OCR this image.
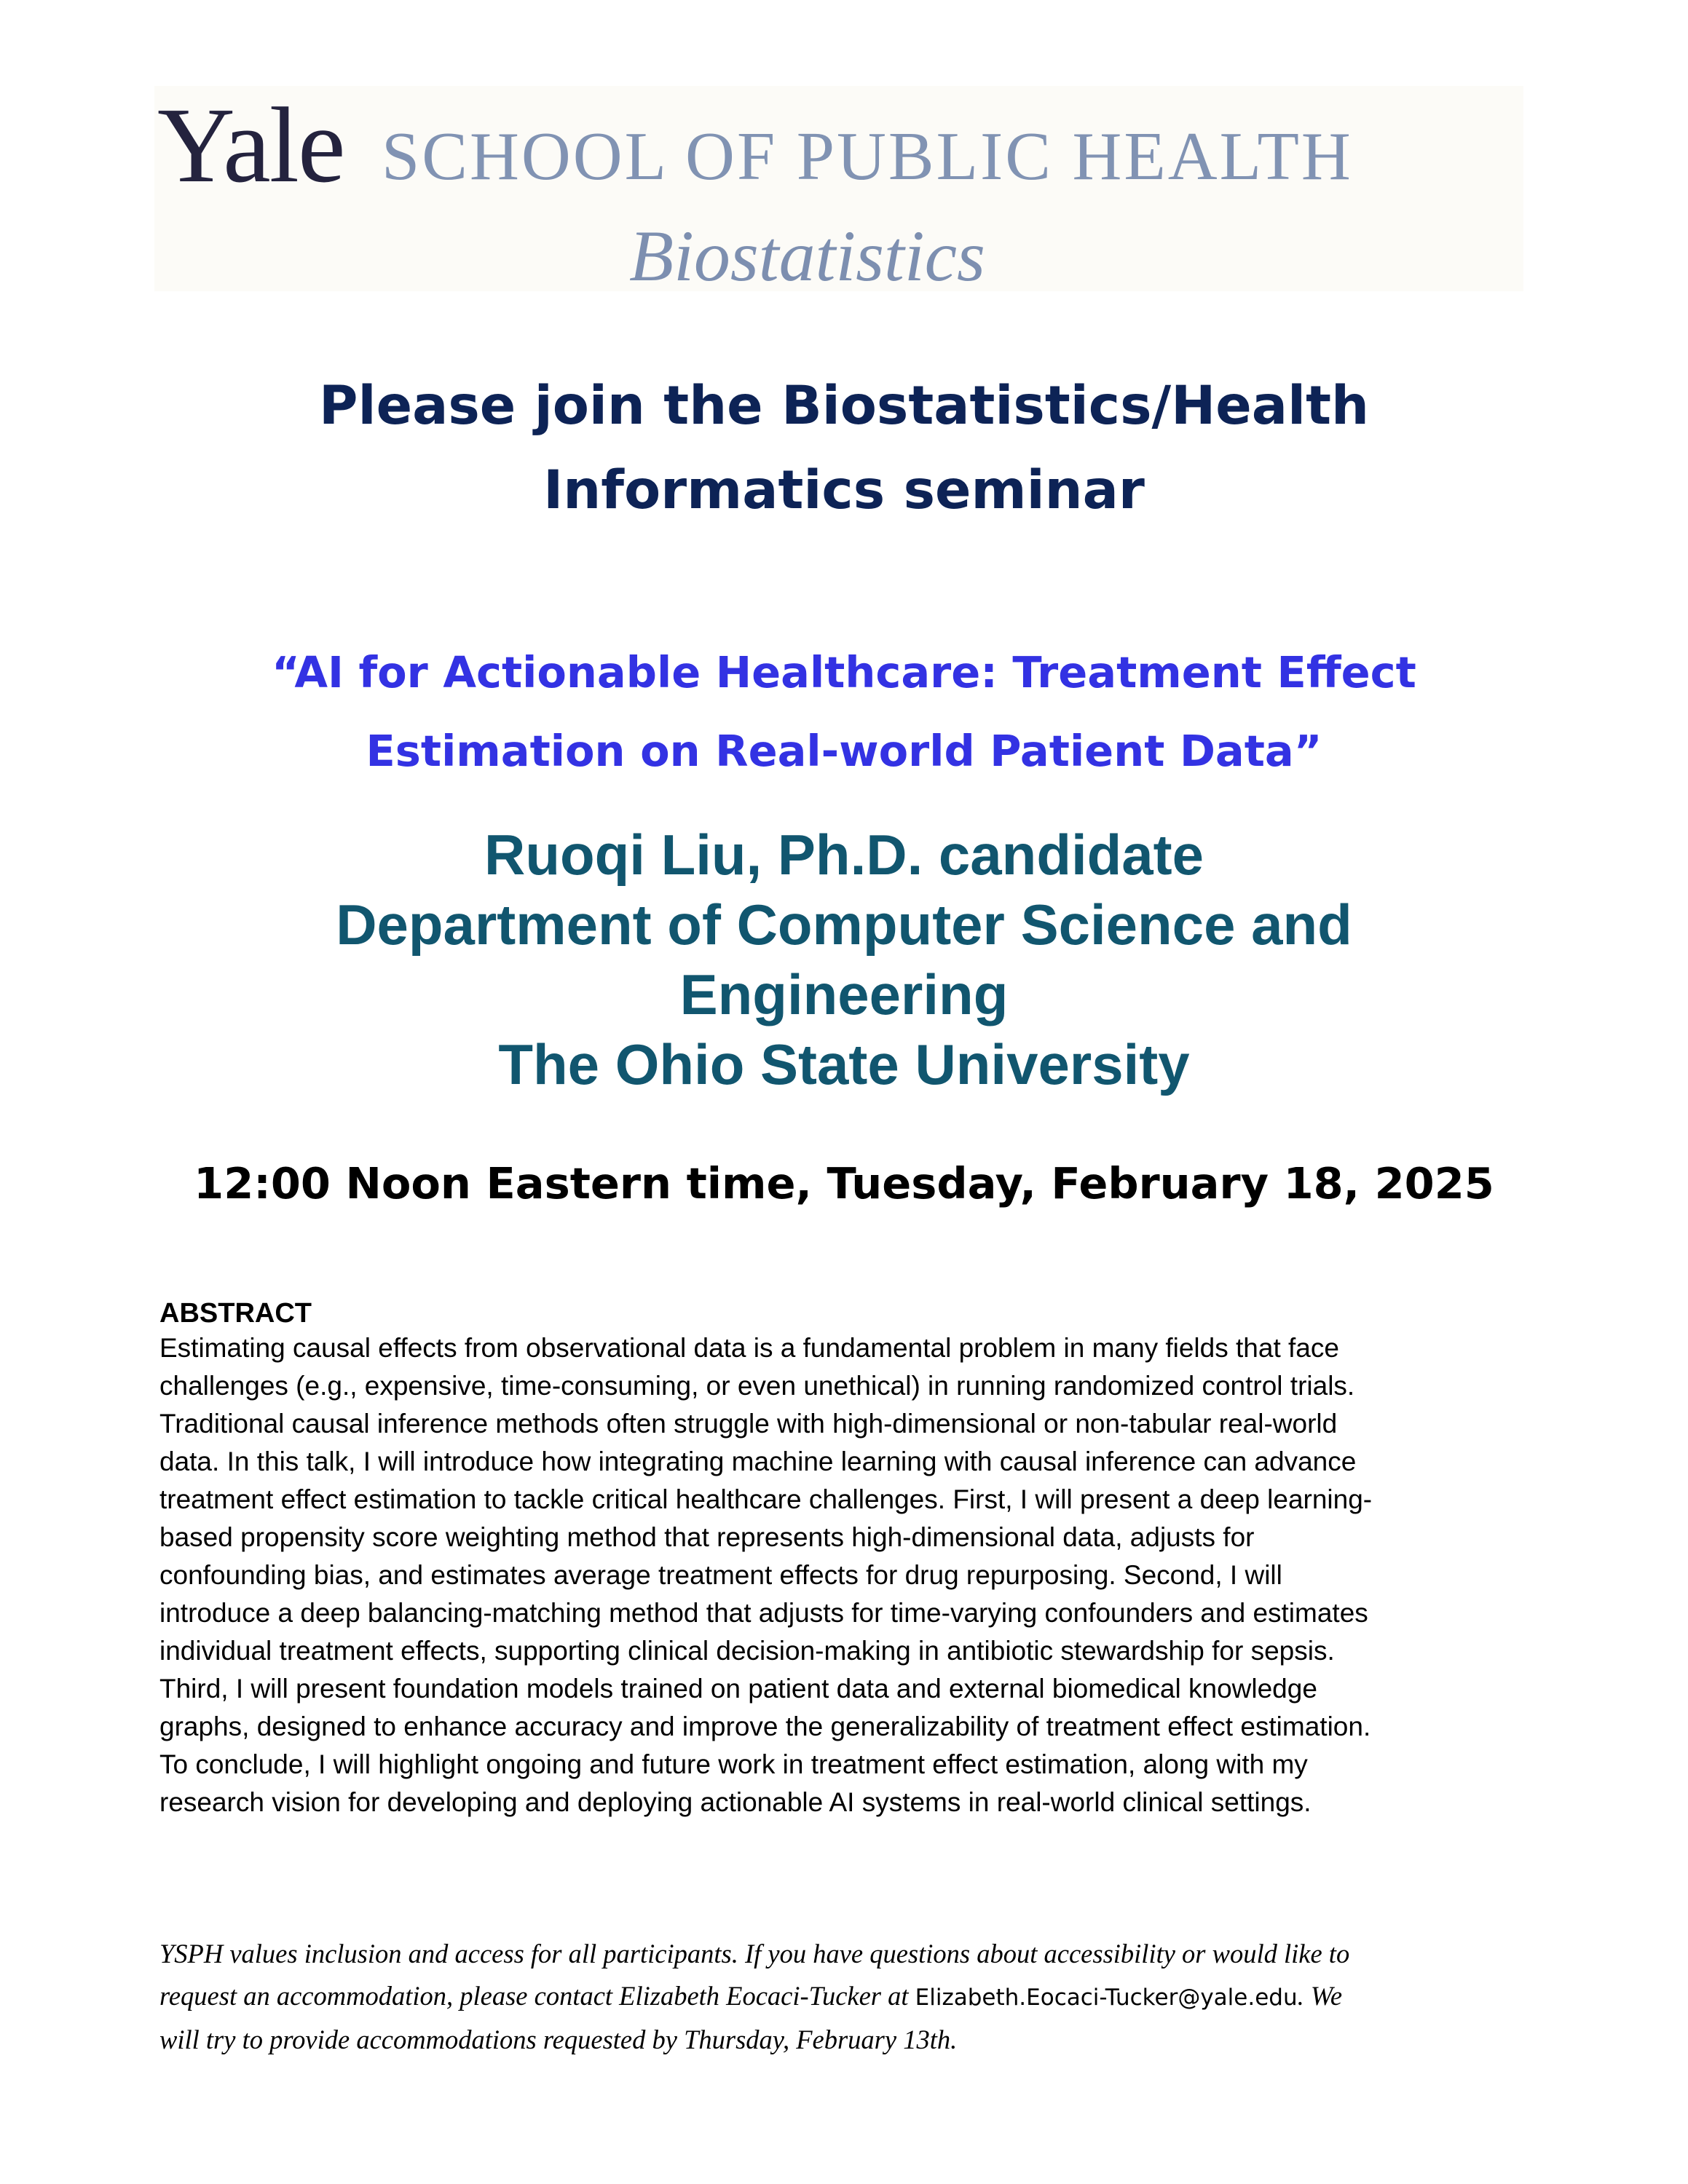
Yale SCHOOL OF PUBLIC HEALTH
Biostatistics
Please join the Biostatistics/Health
Informatics seminar
“AI for Actionable Healthcare: Treatment Effect
Estimation on Real-world Patient Data”
Ruoqi Liu, Ph.D. candidate
Department of Computer Science and
Engineering
The Ohio State University
12:00 Noon Eastern time, Tuesday, February 18, 2025

ABSTRACT

Estimating causal effects from observational data is a fundamental problem in many fields that face
challenges (e.g., expensive, time-consuming, or even unethical) in running randomized control trials.
Traditional causal inference methods often struggle with high-dimensional or non-tabular real-world
data. In this talk, I will introduce how integrating machine learning with causal inference can advance
treatment effect estimation to tackle critical healthcare challenges. First, I will present a deep learning-
based propensity score weighting method that represents high-dimensional data, adjusts for
confounding bias, and estimates average treatment effects for drug repurposing. Second, I will
introduce a deep balancing-matching method that adjusts for time-varying confounders and estimates
individual treatment effects, supporting clinical decision-making in antibiotic stewardship for sepsis.
Third, I will present foundation models trained on patient data and external biomedical knowledge
graphs, designed to enhance accuracy and improve the generalizability of treatment effect estimation.
To conclude, I will highlight ongoing and future work in treatment effect estimation, along with my
research vision for developing and deploying actionable AI systems in real-world clinical settings.
YSPH values inclusion and access for all participants. If you have questions about accessibility or would like to
request an accommodation, please contact Elizabeth Eocaci-Tucker at Elizabeth.Eocaci-Tucker@yale.edu. We
will try to provide accommodations requested by Thursday, February 13th.
